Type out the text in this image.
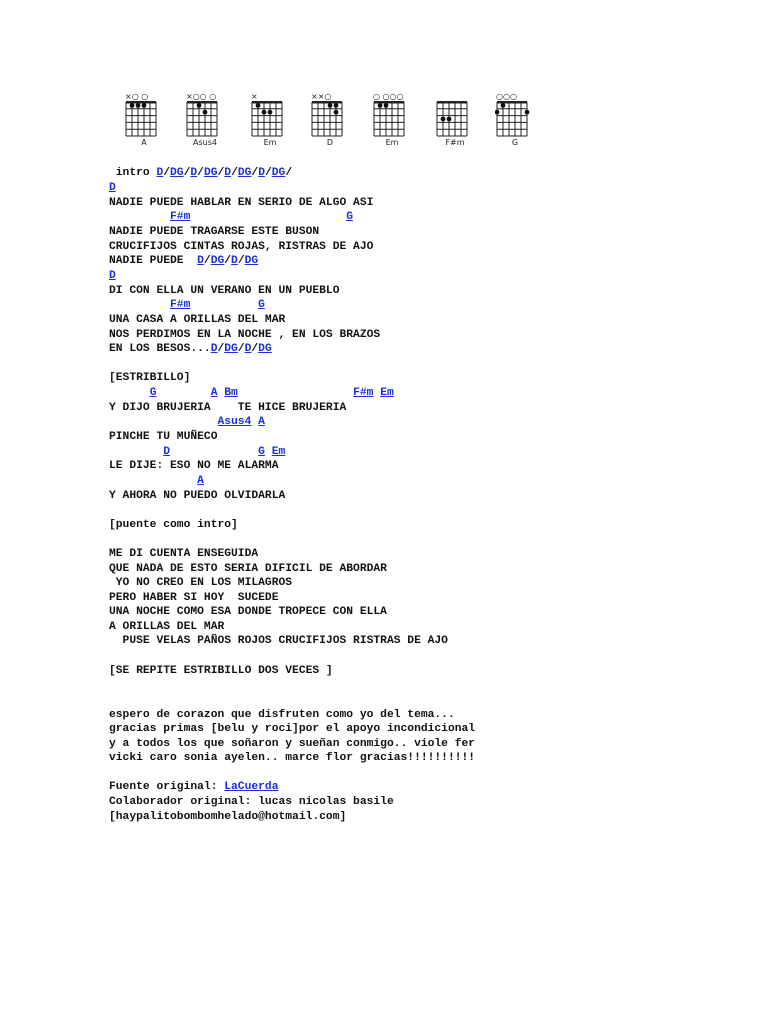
×○ ○
A
×○○ ○
Asus4
×
Em
××○
D
○ ○○○
Em	F#m
○○○
G
intro D/DG/D/DG/D/DG/D/DG/
D
NADIE PUEDE HABLAR EN SERIO DE ALGO ASI
F#m	G
NADIE PUEDE TRAGARSE ESTE BUSON
CRUCIFIJOS CINTAS ROJAS, RISTRAS DE AJO
NADIE PUEDE  D/DG/D/DG
D
DI CON ELLA UN VERANO EN UN PUEBLO
F#m	G
UNA CASA A ORILLAS DEL MAR
NOS PERDIMOS EN LA NOCHE , EN LOS BRAZOS
EN LOS BESOS...D/DG/D/DG
[ESTRIBILLO]
G	A Bm	F#m Em
Y DIJO BRUJERIA    TE HICE BRUJERIA
Asus4 A
PINCHE TU MUÑECO
D	G Em
LE DIJE: ESO NO ME ALARMA
A
Y AHORA NO PUEDO OLVIDARLA
[puente como intro]
ME DI CUENTA ENSEGUIDA
QUE NADA DE ESTO SERIA DIFICIL DE ABORDAR
YO NO CREO EN LOS MILAGROS
PERO HABER SI HOY  SUCEDE
UNA NOCHE COMO ESA DONDE TROPECE CON ELLA
A ORILLAS DEL MAR
PUSE VELAS PAÑOS ROJOS CRUCIFIJOS RISTRAS DE AJO
[SE REPITE ESTRIBILLO DOS VECES ]
espero de corazon que disfruten como yo del tema...
gracias primas [belu y roci]por el apoyo incondicional
y a todos los que soñaron y sueñan conmigo.. violе fer
vicki caro sonia ayelen.. marce flor gracias!!!!!!!!!!
Fuente original: LaCuerda
Colaborador original: lucas nicolas basile
[haypalitobombomhelado@hotmail.com]
